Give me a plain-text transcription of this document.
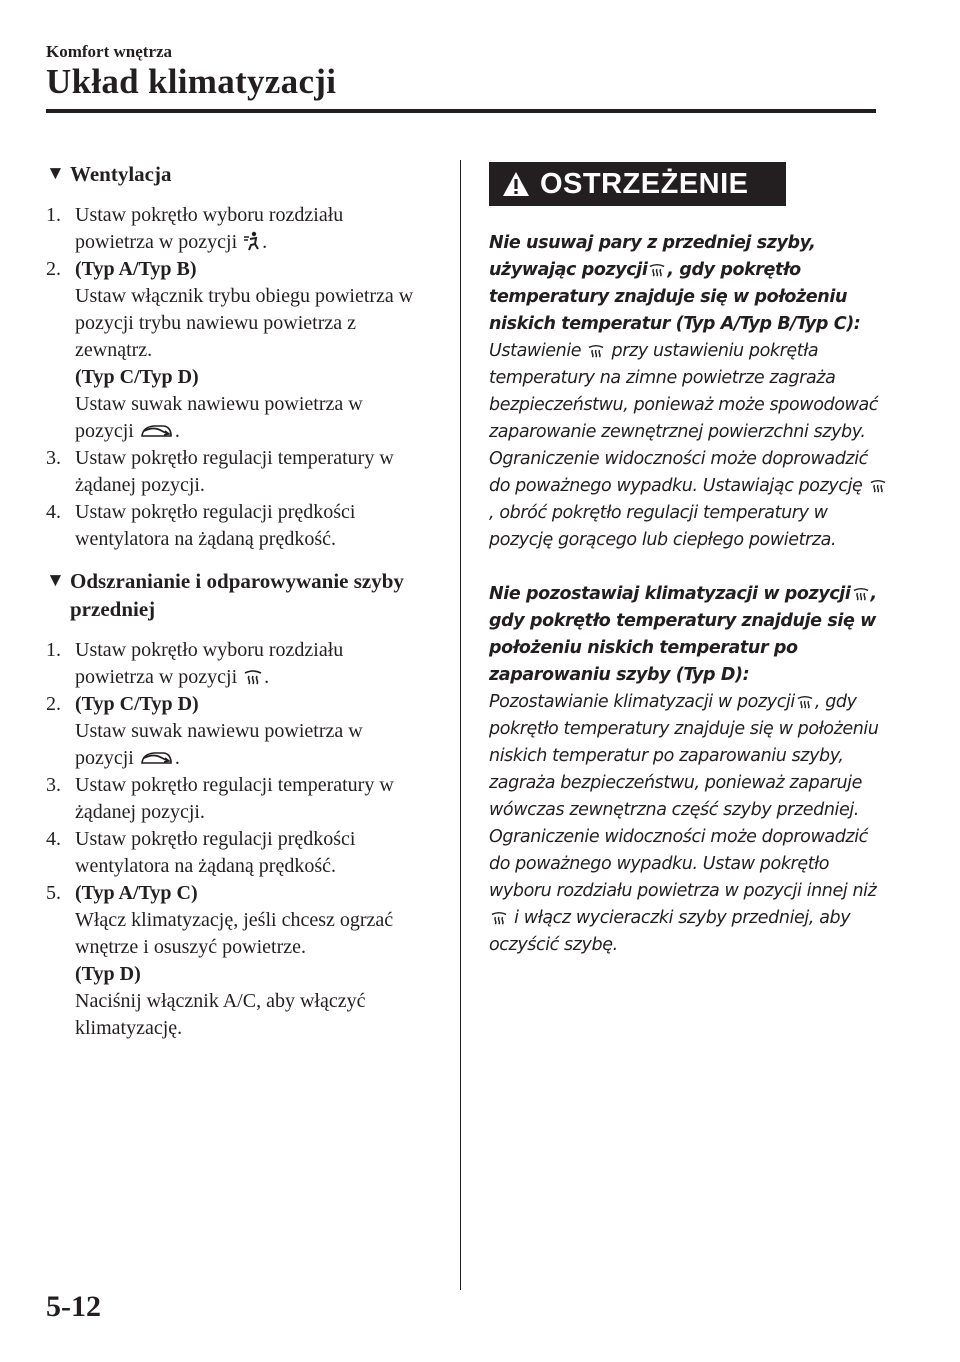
Komfort wnętrza
Układ klimatyzacji
▼ Wentylacja
1. Ustaw pokrętło wyboru rozdziału powietrza w pozycji .
2. (Typ A/Typ B)
Ustaw włącznik trybu obiegu powietrza w pozycji trybu nawiewu powietrza z zewnątrz.
(Typ C/Typ D)
Ustaw suwak nawiewu powietrza w pozycji .
3. Ustaw pokrętło regulacji temperatury w żądanej pozycji.
4. Ustaw pokrętło regulacji prędkości wentylatora na żądaną prędkość.
▼ Odszranianie i odparowywanie szyby przedniej
1. Ustaw pokrętło wyboru rozdziału powietrza w pozycji .
2. (Typ C/Typ D)
Ustaw suwak nawiewu powietrza w pozycji .
3. Ustaw pokrętło regulacji temperatury w żądanej pozycji.
4. Ustaw pokrętło regulacji prędkości wentylatora na żądaną prędkość.
5. (Typ A/Typ C)
Włącz klimatyzację, jeśli chcesz ogrzać wnętrze i osuszyć powietrze.
(Typ D)
Naciśnij włącznik A/C, aby włączyć klimatyzację.
OSTRZEŻENIE
Nie usuwaj pary z przedniej szyby, używając pozycji , gdy pokrętło temperatury znajduje się w położeniu niskich temperatur (Typ A/Typ B/Typ C):
Ustawienie przy ustawieniu pokrętła temperatury na zimne powietrze zagraża bezpieczeństwu, ponieważ może spowodować zaparowanie zewnętrznej powierzchni szyby. Ograniczenie widoczności może doprowadzić do poważnego wypadku. Ustawiając pozycję , obróć pokrętło regulacji temperatury w pozycję gorącego lub ciepłego powietrza.
Nie pozostawiaj klimatyzacji w pozycji , gdy pokrętło temperatury znajduje się w położeniu niskich temperatur po zaparowaniu szyby (Typ D):
Pozostawianie klimatyzacji w pozycji , gdy pokrętło temperatury znajduje się w położeniu niskich temperatur po zaparowaniu szyby, zagraża bezpieczeństwu, ponieważ zaparuje wówczas zewnętrzna część szyby przedniej. Ograniczenie widoczności może doprowadzić do poważnego wypadku. Ustaw pokrętło wyboru rozdziału powietrza w pozycji innej niż  i włącz wycieraczki szyby przedniej, aby oczyścić szybę.
5-12
